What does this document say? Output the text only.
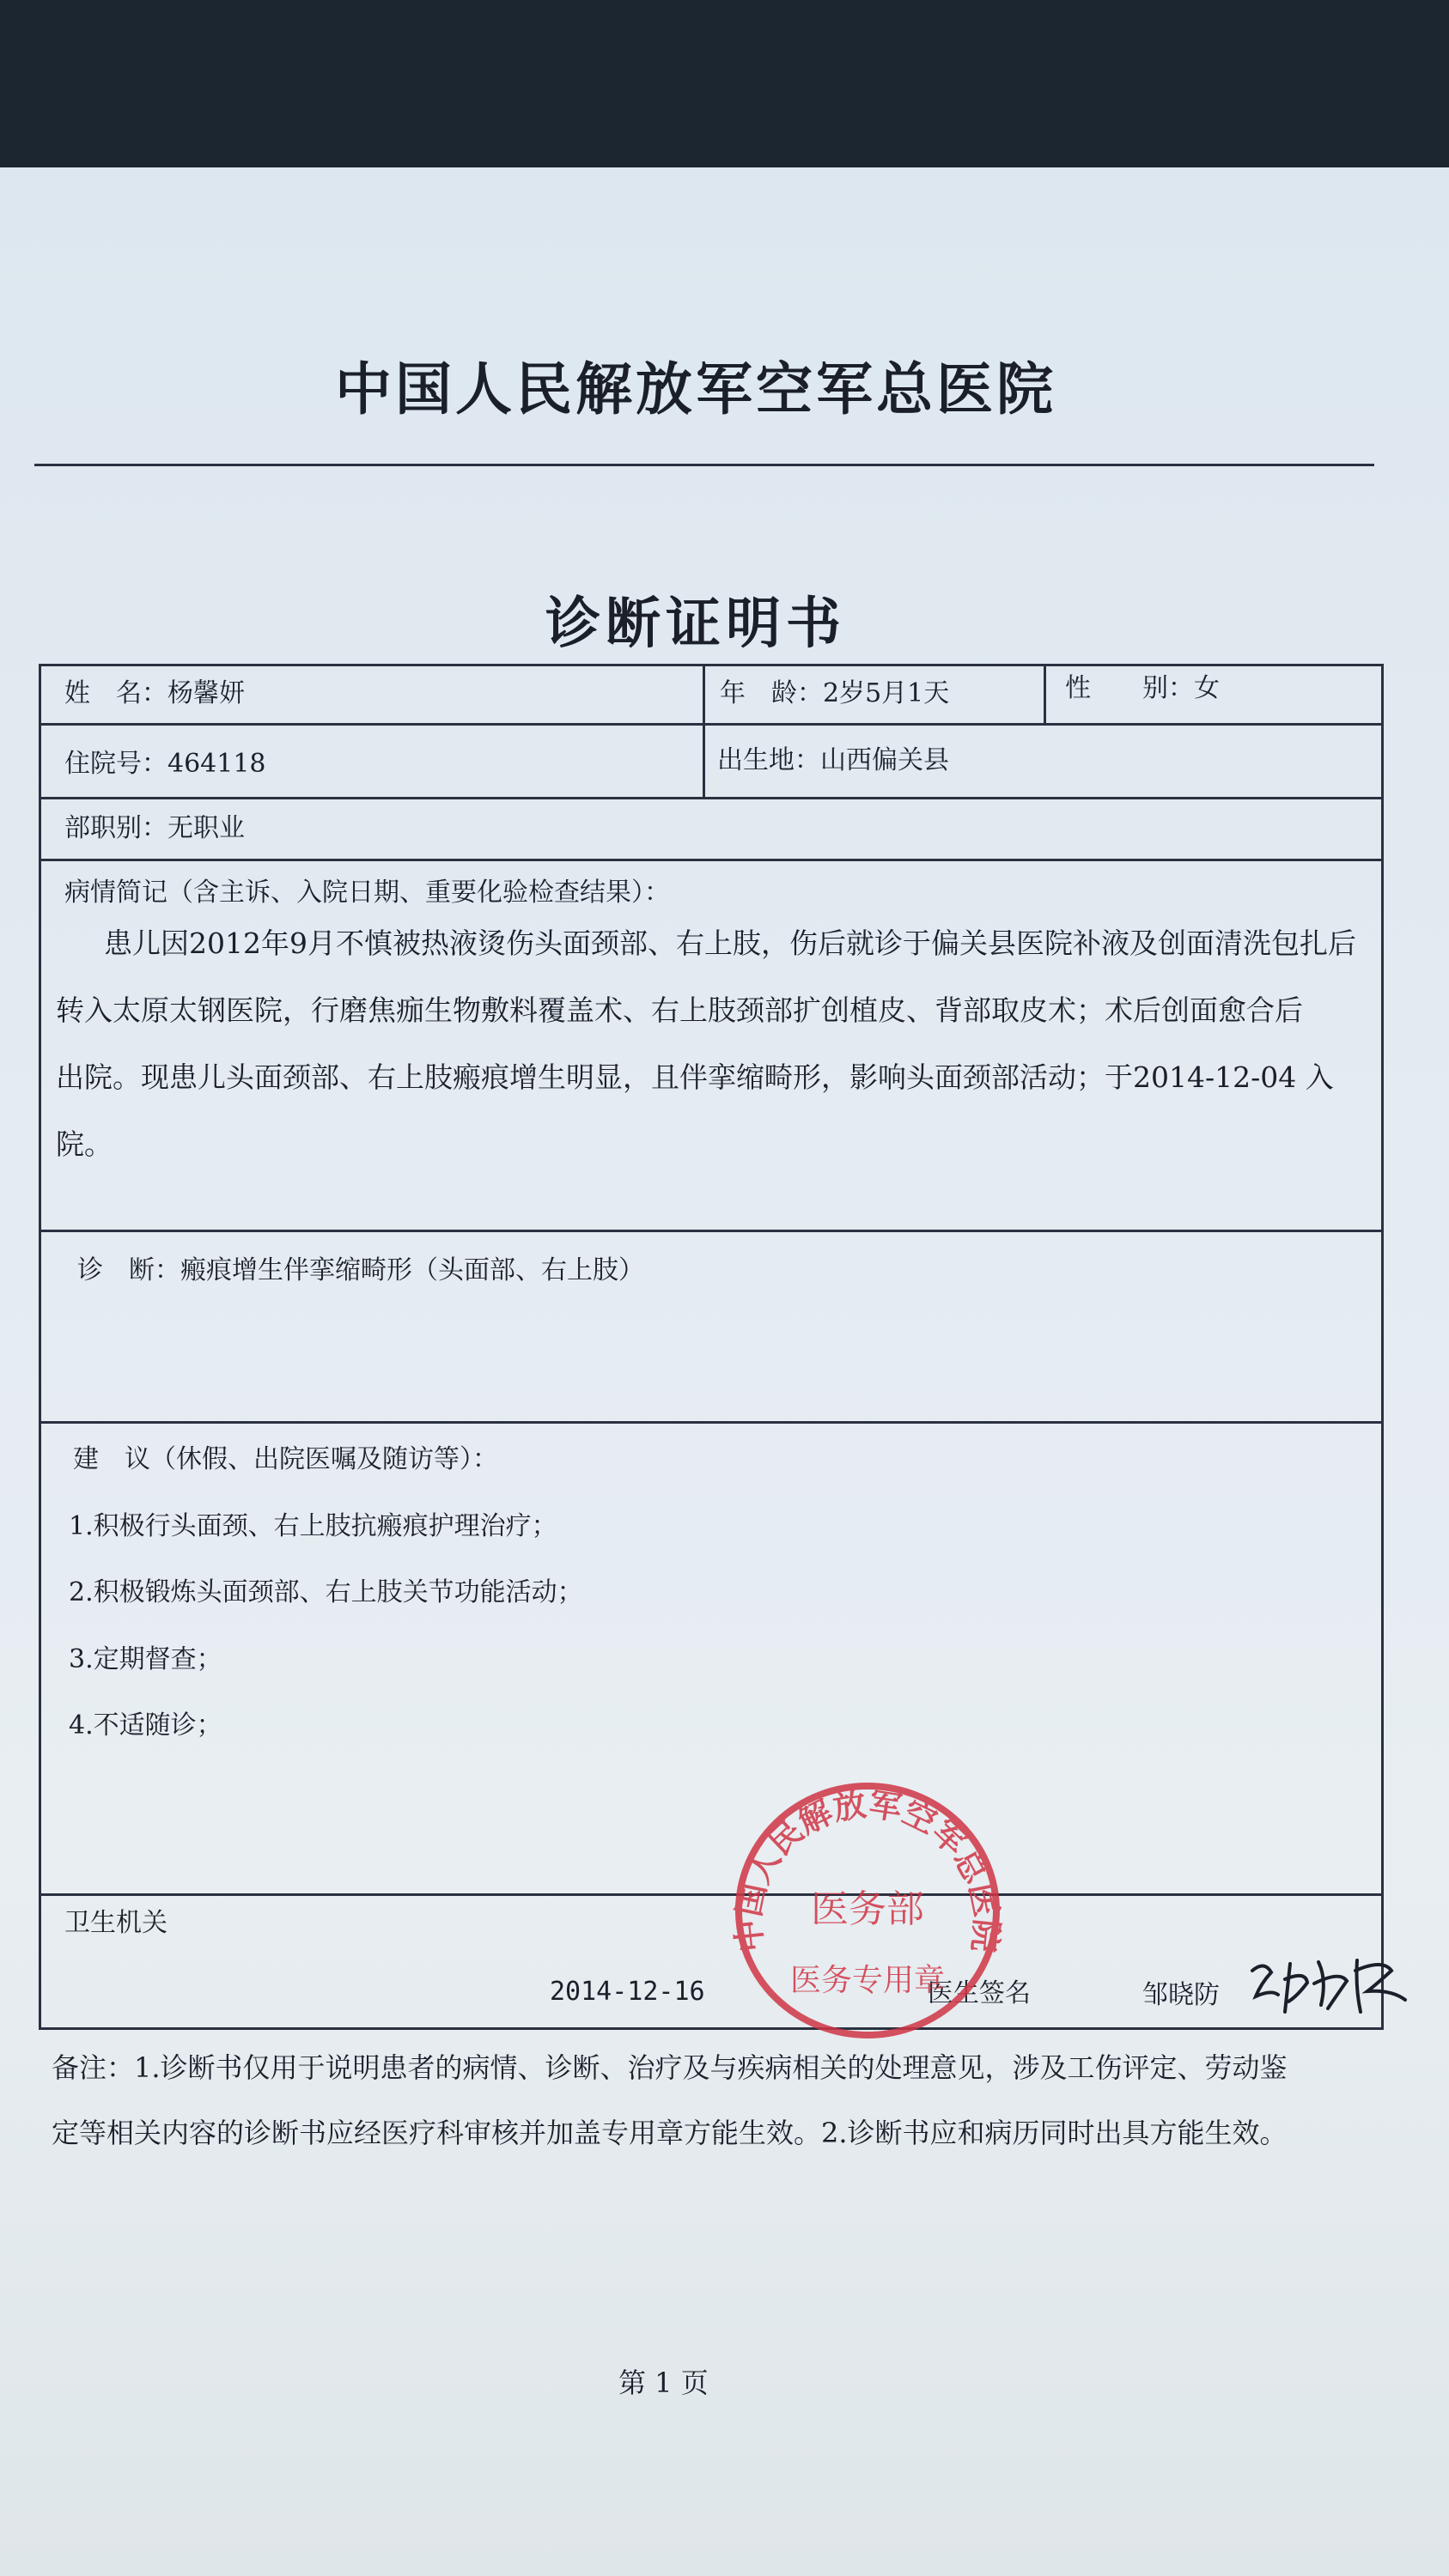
中国人民解放军空军总医院
诊断证明书
姓　名：杨馨妍	年　龄：2岁5月1天	性　　别：女
住院号：464118	出生地：山西偏关县
部职别：无职业
病情简记（含主诉、入院日期、重要化验检查结果）：
患儿因2012年9月不慎被热液烫伤头面颈部、右上肢，伤后就诊于偏关县医院补液及创面清洗包扎后
转入太原太钢医院，行磨焦痂生物敷料覆盖术、右上肢颈部扩创植皮、背部取皮术；术后创面愈合后
出院。现患儿头面颈部、右上肢瘢痕增生明显，且伴挛缩畸形，影响头面颈部活动；于2014-12-04 入
院。
诊　断：瘢痕增生伴挛缩畸形（头面部、右上肢）
建　议（休假、出院医嘱及随访等）：
1.积极行头面颈、右上肢抗瘢痕护理治疗；
2.积极锻炼头面颈部、右上肢关节功能活动；
3.定期督查；
4.不适随诊；
卫生机关
2014-12-16	医生签名	邹晓防
中国人民解放军空军总医院
医务部
医务专用章
备注：1.诊断书仅用于说明患者的病情、诊断、治疗及与疾病相关的处理意见，涉及工伤评定、劳动鉴
定等相关内容的诊断书应经医疗科审核并加盖专用章方能生效。2.诊断书应和病历同时出具方能生效。
第 1 页
